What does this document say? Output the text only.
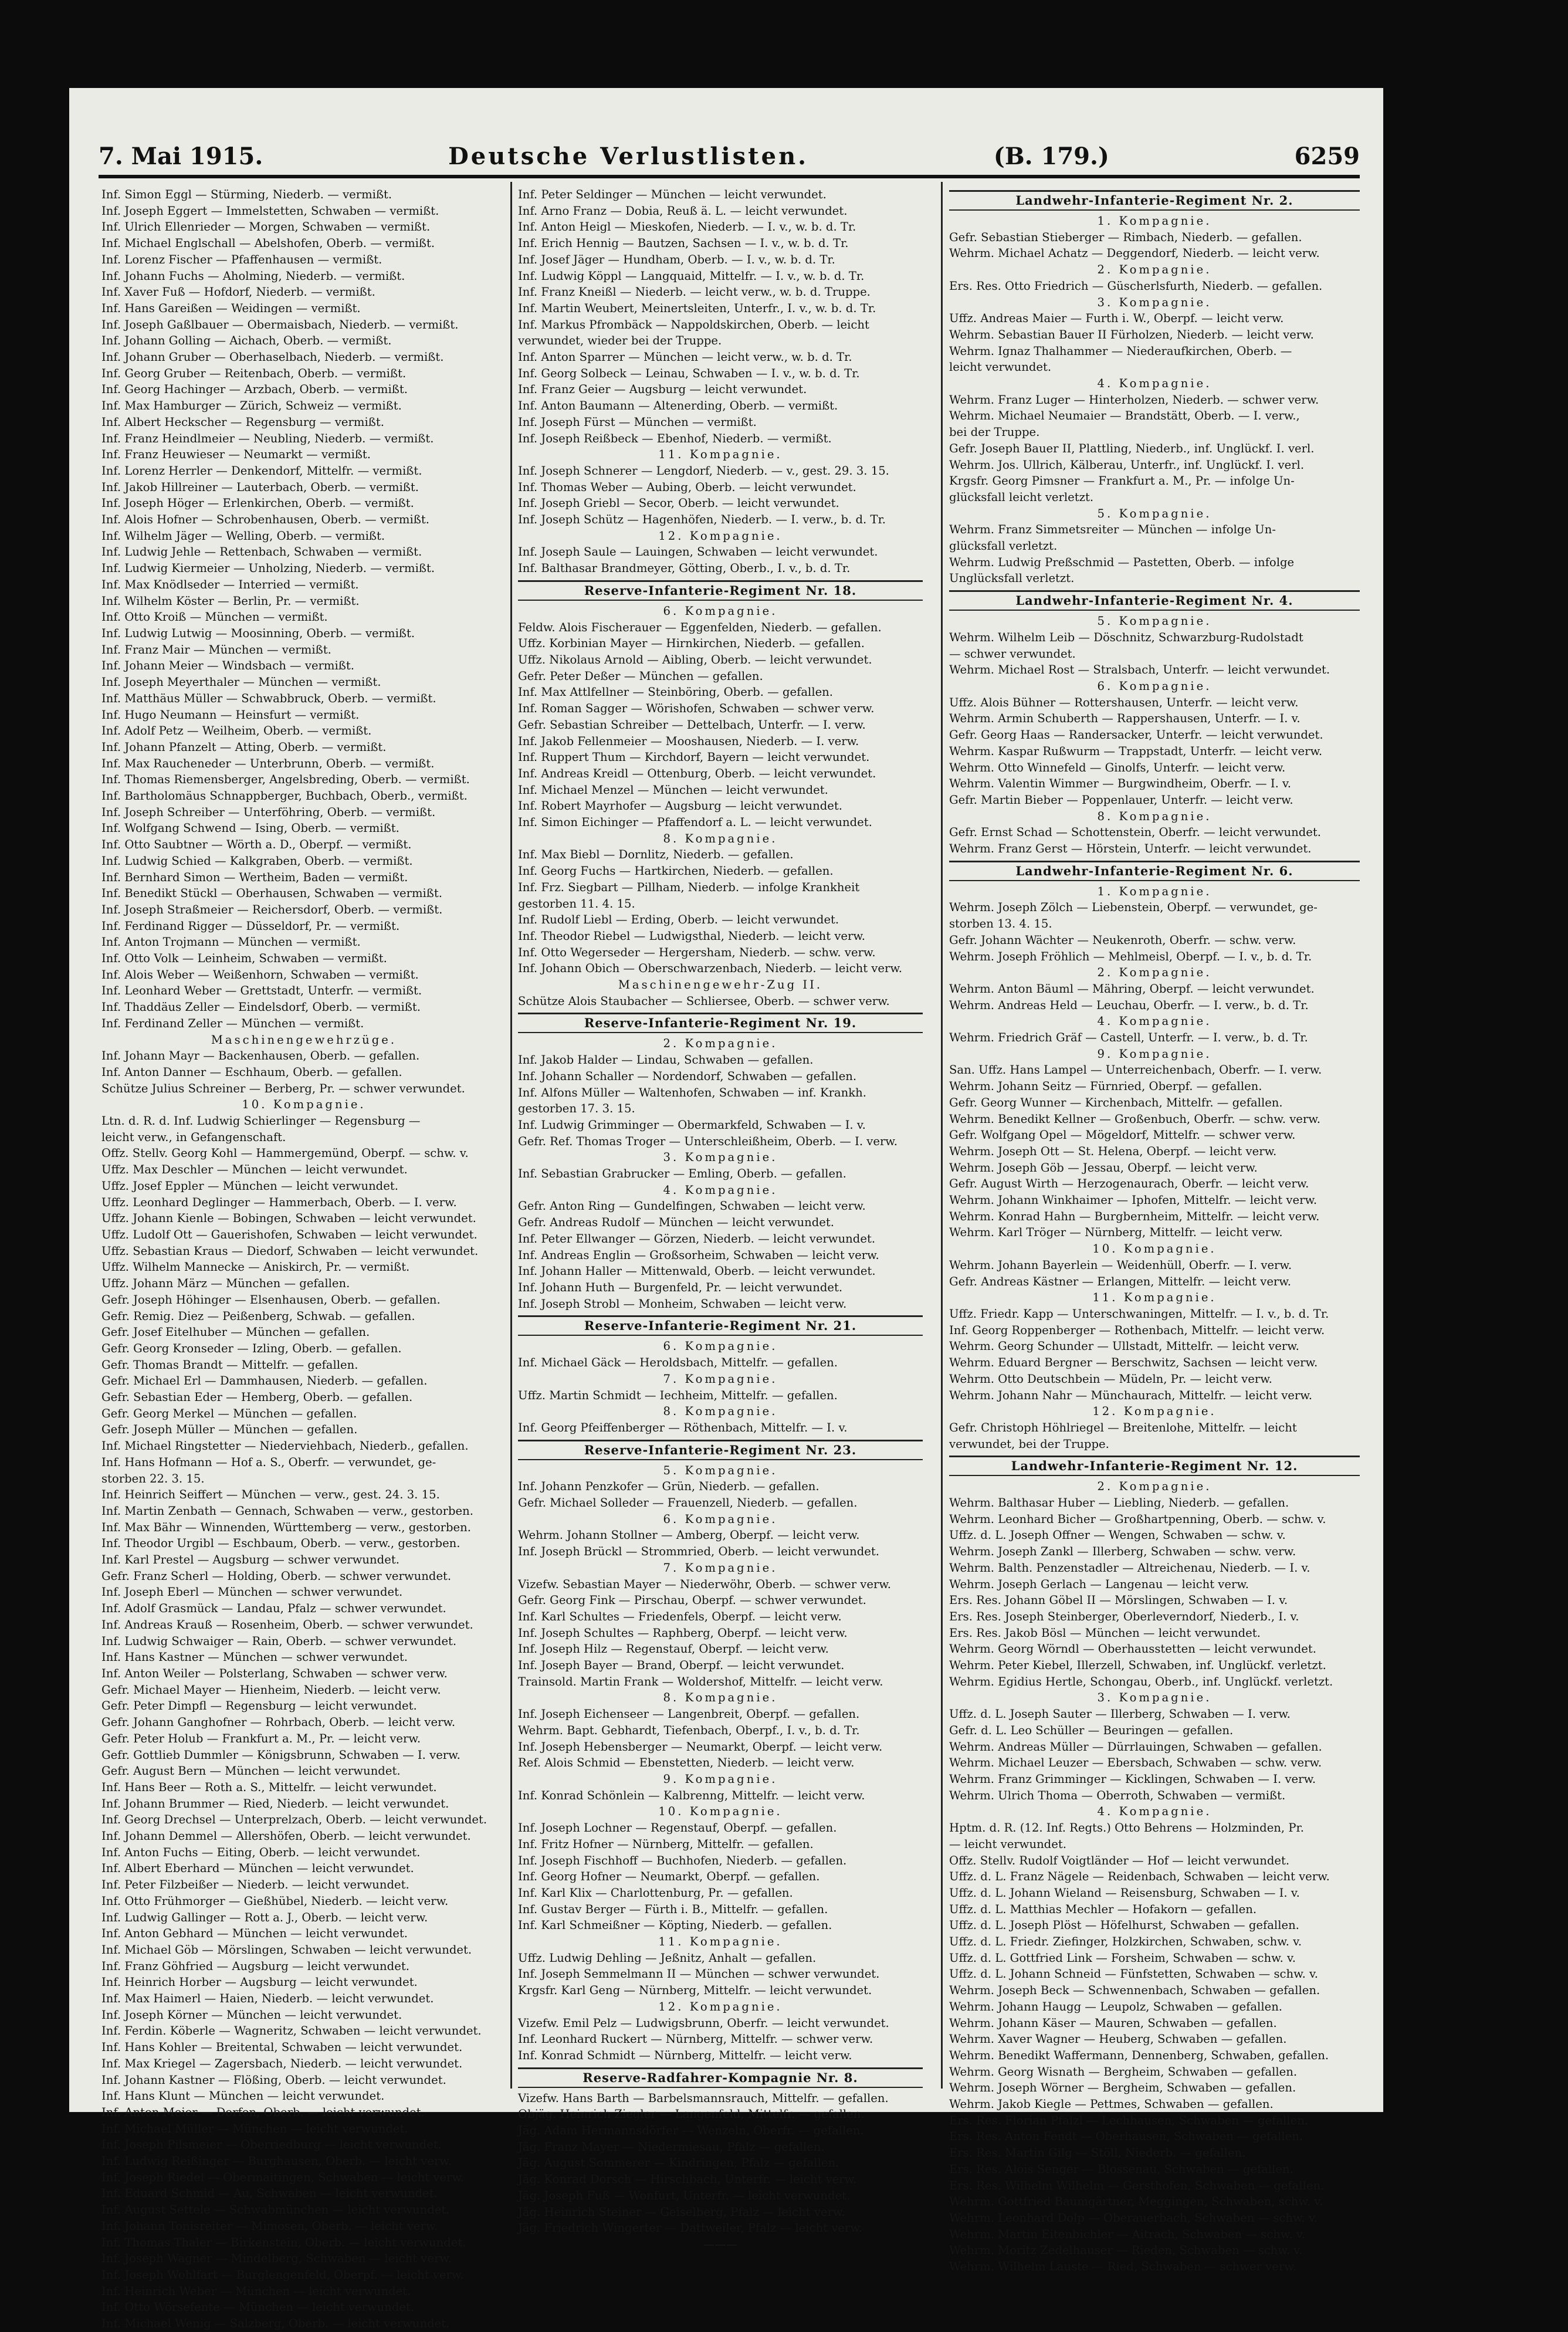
7. Mai 1915.	Deutsche Verlustlisten.	(B. 179.)	6259
Inf. Simon Eggl — Stürming, Niederb. — vermißt.
Inf. Joseph Eggert — Immelstetten, Schwaben — vermißt.
Inf. Ulrich Ellenrieder — Morgen, Schwaben — vermißt.
Inf. Michael Englschall — Abelshofen, Oberb. — vermißt.
Inf. Lorenz Fischer — Pfaffenhausen — vermißt.
Inf. Johann Fuchs — Aholming, Niederb. — vermißt.
Inf. Xaver Fuß — Hofdorf, Niederb. — vermißt.
Inf. Hans Gareißen — Weidingen — vermißt.
Inf. Joseph Gaßlbauer — Obermaisbach, Niederb. — vermißt.
Inf. Johann Golling — Aichach, Oberb. — vermißt.
Inf. Johann Gruber — Oberhaselbach, Niederb. — vermißt.
Inf. Georg Gruber — Reitenbach, Oberb. — vermißt.
Inf. Georg Hachinger — Arzbach, Oberb. — vermißt.
Inf. Max Hamburger — Zürich, Schweiz — vermißt.
Inf. Albert Heckscher — Regensburg — vermißt.
Inf. Franz Heindlmeier — Neubling, Niederb. — vermißt.
Inf. Franz Heuwieser — Neumarkt — vermißt.
Inf. Lorenz Herrler — Denkendorf, Mittelfr. — vermißt.
Inf. Jakob Hillreiner — Lauterbach, Oberb. — vermißt.
Inf. Joseph Höger — Erlenkirchen, Oberb. — vermißt.
Inf. Alois Hofner — Schrobenhausen, Oberb. — vermißt.
Inf. Wilhelm Jäger — Welling, Oberb. — vermißt.
Inf. Ludwig Jehle — Rettenbach, Schwaben — vermißt.
Inf. Ludwig Kiermeier — Unholzing, Niederb. — vermißt.
Inf. Max Knödlseder — Interried — vermißt.
Inf. Wilhelm Köster — Berlin, Pr. — vermißt.
Inf. Otto Kroiß — München — vermißt.
Inf. Ludwig Lutwig — Moosinning, Oberb. — vermißt.
Inf. Franz Mair — München — vermißt.
Inf. Johann Meier — Windsbach — vermißt.
Inf. Joseph Meyerthaler — München — vermißt.
Inf. Matthäus Müller — Schwabbruck, Oberb. — vermißt.
Inf. Hugo Neumann — Heinsfurt — vermißt.
Inf. Adolf Petz — Weilheim, Oberb. — vermißt.
Inf. Johann Pfanzelt — Atting, Oberb. — vermißt.
Inf. Max Raucheneder — Unterbrunn, Oberb. — vermißt.
Inf. Thomas Riemensberger, Angelsbreding, Oberb. — vermißt.
Inf. Bartholomäus Schnappberger, Buchbach, Oberb., vermißt.
Inf. Joseph Schreiber — Unterföhring, Oberb. — vermißt.
Inf. Wolfgang Schwend — Ising, Oberb. — vermißt.
Inf. Otto Saubtner — Wörth a. D., Oberpf. — vermißt.
Inf. Ludwig Schied — Kalkgraben, Oberb. — vermißt.
Inf. Bernhard Simon — Wertheim, Baden — vermißt.
Inf. Benedikt Stückl — Oberhausen, Schwaben — vermißt.
Inf. Joseph Straßmeier — Reichersdorf, Oberb. — vermißt.
Inf. Ferdinand Rigger — Düsseldorf, Pr. — vermißt.
Inf. Anton Trojmann — München — vermißt.
Inf. Otto Volk — Leinheim, Schwaben — vermißt.
Inf. Alois Weber — Weißenhorn, Schwaben — vermißt.
Inf. Leonhard Weber — Grettstadt, Unterfr. — vermißt.
Inf. Thaddäus Zeller — Eindelsdorf, Oberb. — vermißt.
Inf. Ferdinand Zeller — München — vermißt.
Maschinengewehrzüge.
Inf. Johann Mayr — Backenhausen, Oberb. — gefallen.
Inf. Anton Danner — Eschhaum, Oberb. — gefallen.
Schütze Julius Schreiner — Berberg, Pr. — schwer verwundet.
10. Kompagnie.
Ltn. d. R. d. Inf. Ludwig Schierlinger — Regensburg —
leicht verw., in Gefangenschaft.
Offz. Stellv. Georg Kohl — Hammergemünd, Oberpf. — schw. v.
Uffz. Max Deschler — München — leicht verwundet.
Uffz. Josef Eppler — München — leicht verwundet.
Uffz. Leonhard Deglinger — Hammerbach, Oberb. — I. verw.
Uffz. Johann Kienle — Bobingen, Schwaben — leicht verwundet.
Uffz. Ludolf Ott — Gauerishofen, Schwaben — leicht verwundet.
Uffz. Sebastian Kraus — Diedorf, Schwaben — leicht verwundet.
Uffz. Wilhelm Mannecke — Aniskirch, Pr. — vermißt.
Uffz. Johann März — München — gefallen.
Gefr. Joseph Höhinger — Elsenhausen, Oberb. — gefallen.
Gefr. Remig. Diez — Peißenberg, Schwab. — gefallen.
Gefr. Josef Eitelhuber — München — gefallen.
Gefr. Georg Kronseder — Izling, Oberb. — gefallen.
Gefr. Thomas Brandt — Mittelfr. — gefallen.
Gefr. Michael Erl — Dammhausen, Niederb. — gefallen.
Gefr. Sebastian Eder — Hemberg, Oberb. — gefallen.
Gefr. Georg Merkel — München — gefallen.
Gefr. Joseph Müller — München — gefallen.
Inf. Michael Ringstetter — Niederviehbach, Niederb., gefallen.
Inf. Hans Hofmann — Hof a. S., Oberfr. — verwundet, ge-
storben 22. 3. 15.
Inf. Heinrich Seiffert — München — verw., gest. 24. 3. 15.
Inf. Martin Zenbath — Gennach, Schwaben — verw., gestorben.
Inf. Max Bähr — Winnenden, Württemberg — verw., gestorben.
Inf. Theodor Urgibl — Eschbaum, Oberb. — verw., gestorben.
Inf. Karl Prestel — Augsburg — schwer verwundet.
Gefr. Franz Scherl — Holding, Oberb. — schwer verwundet.
Inf. Joseph Eberl — München — schwer verwundet.
Inf. Adolf Grasmück — Landau, Pfalz — schwer verwundet.
Inf. Andreas Krauß — Rosenheim, Oberb. — schwer verwundet.
Inf. Ludwig Schwaiger — Rain, Oberb. — schwer verwundet.
Inf. Hans Kastner — München — schwer verwundet.
Inf. Anton Weiler — Polsterlang, Schwaben — schwer verw.
Gefr. Michael Mayer — Hienheim, Niederb. — leicht verw.
Gefr. Peter Dimpfl — Regensburg — leicht verwundet.
Gefr. Johann Ganghofner — Rohrbach, Oberb. — leicht verw.
Gefr. Peter Holub — Frankfurt a. M., Pr. — leicht verw.
Gefr. Gottlieb Dummler — Königsbrunn, Schwaben — I. verw.
Gefr. August Bern — München — leicht verwundet.
Inf. Hans Beer — Roth a. S., Mittelfr. — leicht verwundet.
Inf. Johann Brummer — Ried, Niederb. — leicht verwundet.
Inf. Georg Drechsel — Unterprelzach, Oberb. — leicht verwundet.
Inf. Johann Demmel — Allershöfen, Oberb. — leicht verwundet.
Inf. Anton Fuchs — Eiting, Oberb. — leicht verwundet.
Inf. Albert Eberhard — München — leicht verwundet.
Inf. Peter Filzbeißer — Niederb. — leicht verwundet.
Inf. Otto Frühmorger — Gießhübel, Niederb. — leicht verw.
Inf. Ludwig Gallinger — Rott a. J., Oberb. — leicht verw.
Inf. Anton Gebhard — München — leicht verwundet.
Inf. Michael Göb — Mörslingen, Schwaben — leicht verwundet.
Inf. Franz Göhfried — Augsburg — leicht verwundet.
Inf. Heinrich Horber — Augsburg — leicht verwundet.
Inf. Max Haimerl — Haien, Niederb. — leicht verwundet.
Inf. Joseph Körner — München — leicht verwundet.
Inf. Ferdin. Köberle — Wagneritz, Schwaben — leicht verwundet.
Inf. Hans Kohler — Breitental, Schwaben — leicht verwundet.
Inf. Max Kriegel — Zagersbach, Niederb. — leicht verwundet.
Inf. Johann Kastner — Flößing, Oberb. — leicht verwundet.
Inf. Hans Klunt — München — leicht verwundet.
Inf. Anton Meier — Dorfen, Oberb. — leicht verwundet.
Inf. Michael Müller — München — leicht verwundet.
Inf. Joseph Pilsmeier — Oberriedburg — leicht verwundet.
Inf. Ludwig Reißinger — Burghausen, Oberb. — leicht verw.
Inf. Joseph Riedel — Obermaitingen, Schwaben — leicht verw.
Inf. Eduard Schmid — Au, Schwaben — leicht verwundet.
Inf. August Settele — Schwabmünchen — leicht verwundet.
Inf. Johann Tonisreiter — Mimosen, Oberb. — leicht verw.
Inf. Thomas Thaler — Birkenstein, Oberb. — leicht verwundet.
Inf. Joseph Wagner — Mindelberg, Schwaben — leicht verw.
Inf. Joseph Wohlfart — Burglengenfeld, Oberpf. — leicht verw.
Inf. Heinrich Weber — München — leicht verwundet.
Inf. Otto Wörsefente — München — leicht verwundet.
Inf. Michael Wenig — Salzberg, Oberb. — leicht verwundet.
Inf. Peter Seldinger — München — leicht verwundet.
Inf. Arno Franz — Dobia, Reuß ä. L. — leicht verwundet.
Inf. Anton Heigl — Mieskofen, Niederb. — I. v., w. b. d. Tr.
Inf. Erich Hennig — Bautzen, Sachsen — I. v., w. b. d. Tr.
Inf. Josef Jäger — Hundham, Oberb. — I. v., w. b. d. Tr.
Inf. Ludwig Köppl — Langquaid, Mittelfr. — I. v., w. b. d. Tr.
Inf. Franz Kneißl — Niederb. — leicht verw., w. b. d. Truppe.
Inf. Martin Weubert, Meinertsleiten, Unterfr., I. v., w. b. d. Tr.
Inf. Markus Pfrombäck — Nappoldskirchen, Oberb. — leicht
verwundet, wieder bei der Truppe.
Inf. Anton Sparrer — München — leicht verw., w. b. d. Tr.
Inf. Georg Solbeck — Leinau, Schwaben — I. v., w. b. d. Tr.
Inf. Franz Geier — Augsburg — leicht verwundet.
Inf. Anton Baumann — Altenerding, Oberb. — vermißt.
Inf. Joseph Fürst — München — vermißt.
Inf. Joseph Reißbeck — Ebenhof, Niederb. — vermißt.
11. Kompagnie.
Inf. Joseph Schnerer — Lengdorf, Niederb. — v., gest. 29. 3. 15.
Inf. Thomas Weber — Aubing, Oberb. — leicht verwundet.
Inf. Joseph Griebl — Secor, Oberb. — leicht verwundet.
Inf. Joseph Schütz — Hagenhöfen, Niederb. — I. verw., b. d. Tr.
12. Kompagnie.
Inf. Joseph Saule — Lauingen, Schwaben — leicht verwundet.
Inf. Balthasar Brandmeyer, Götting, Oberb., I. v., b. d. Tr.
Reserve-Infanterie-Regiment Nr. 18.
6. Kompagnie.
Feldw. Alois Fischerauer — Eggenfelden, Niederb. — gefallen.
Uffz. Korbinian Mayer — Hirnkirchen, Niederb. — gefallen.
Uffz. Nikolaus Arnold — Aibling, Oberb. — leicht verwundet.
Gefr. Peter Deßer — München — gefallen.
Inf. Max Attlfellner — Steinböring, Oberb. — gefallen.
Inf. Roman Sagger — Wörishofen, Schwaben — schwer verw.
Gefr. Sebastian Schreiber — Dettelbach, Unterfr. — I. verw.
Inf. Jakob Fellenmeier — Mooshausen, Niederb. — I. verw.
Inf. Ruppert Thum — Kirchdorf, Bayern — leicht verwundet.
Inf. Andreas Kreidl — Ottenburg, Oberb. — leicht verwundet.
Inf. Michael Menzel — München — leicht verwundet.
Inf. Robert Mayrhofer — Augsburg — leicht verwundet.
Inf. Simon Eichinger — Pfaffendorf a. L. — leicht verwundet.
8. Kompagnie.
Inf. Max Biebl — Dornlitz, Niederb. — gefallen.
Inf. Georg Fuchs — Hartkirchen, Niederb. — gefallen.
Inf. Frz. Siegbart — Pillham, Niederb. — infolge Krankheit
gestorben 11. 4. 15.
Inf. Rudolf Liebl — Erding, Oberb. — leicht verwundet.
Inf. Theodor Riebel — Ludwigsthal, Niederb. — leicht verw.
Inf. Otto Wegerseder — Hergersham, Niederb. — schw. verw.
Inf. Johann Obich — Oberschwarzenbach, Niederb. — leicht verw.
Maschinengewehr-Zug II.
Schütze Alois Staubacher — Schliersee, Oberb. — schwer verw.
Reserve-Infanterie-Regiment Nr. 19.
2. Kompagnie.
Inf. Jakob Halder — Lindau, Schwaben — gefallen.
Inf. Johann Schaller — Nordendorf, Schwaben — gefallen.
Inf. Alfons Müller — Waltenhofen, Schwaben — inf. Krankh.
gestorben 17. 3. 15.
Inf. Ludwig Grimminger — Obermarkfeld, Schwaben — I. v.
Gefr. Ref. Thomas Troger — Unterschleißheim, Oberb. — I. verw.
3. Kompagnie.
Inf. Sebastian Grabrucker — Emling, Oberb. — gefallen.
4. Kompagnie.
Gefr. Anton Ring — Gundelfingen, Schwaben — leicht verw.
Gefr. Andreas Rudolf — München — leicht verwundet.
Inf. Peter Ellwanger — Görzen, Niederb. — leicht verwundet.
Inf. Andreas Englin — Großsorheim, Schwaben — leicht verw.
Inf. Johann Haller — Mittenwald, Oberb. — leicht verwundet.
Inf. Johann Huth — Burgenfeld, Pr. — leicht verwundet.
Inf. Joseph Strobl — Monheim, Schwaben — leicht verw.
Reserve-Infanterie-Regiment Nr. 21.
6. Kompagnie.
Inf. Michael Gäck — Heroldsbach, Mittelfr. — gefallen.
7. Kompagnie.
Uffz. Martin Schmidt — Iechheim, Mittelfr. — gefallen.
8. Kompagnie.
Inf. Georg Pfeiffenberger — Röthenbach, Mittelfr. — I. v.
Reserve-Infanterie-Regiment Nr. 23.
5. Kompagnie.
Inf. Johann Penzkofer — Grün, Niederb. — gefallen.
Gefr. Michael Solleder — Frauenzell, Niederb. — gefallen.
6. Kompagnie.
Wehrm. Johann Stollner — Amberg, Oberpf. — leicht verw.
Inf. Joseph Brückl — Strommried, Oberb. — leicht verwundet.
7. Kompagnie.
Vizefw. Sebastian Mayer — Niederwöhr, Oberb. — schwer verw.
Gefr. Georg Fink — Pirschau, Oberpf. — schwer verwundet.
Inf. Karl Schultes — Friedenfels, Oberpf. — leicht verw.
Inf. Joseph Schultes — Raphberg, Oberpf. — leicht verw.
Inf. Joseph Hilz — Regenstauf, Oberpf. — leicht verw.
Inf. Joseph Bayer — Brand, Oberpf. — leicht verwundet.
Trainsold. Martin Frank — Woldershof, Mittelfr. — leicht verw.
8. Kompagnie.
Inf. Joseph Eichenseer — Langenbreit, Oberpf. — gefallen.
Wehrm. Bapt. Gebhardt, Tiefenbach, Oberpf., I. v., b. d. Tr.
Inf. Joseph Hebensberger — Neumarkt, Oberpf. — leicht verw.
Ref. Alois Schmid — Ebenstetten, Niederb. — leicht verw.
9. Kompagnie.
Inf. Konrad Schönlein — Kalbrenng, Mittelfr. — leicht verw.
10. Kompagnie.
Inf. Joseph Lochner — Regenstauf, Oberpf. — gefallen.
Inf. Fritz Hofner — Nürnberg, Mittelfr. — gefallen.
Inf. Joseph Fischhoff — Buchhofen, Niederb. — gefallen.
Inf. Georg Hofner — Neumarkt, Oberpf. — gefallen.
Inf. Karl Klix — Charlottenburg, Pr. — gefallen.
Inf. Gustav Berger — Fürth i. B., Mittelfr. — gefallen.
Inf. Karl Schmeißner — Köpting, Niederb. — gefallen.
11. Kompagnie.
Uffz. Ludwig Dehling — Jeßnitz, Anhalt — gefallen.
Inf. Joseph Semmelmann II — München — schwer verwundet.
Krgsfr. Karl Geng — Nürnberg, Mittelfr. — leicht verwundet.
12. Kompagnie.
Vizefw. Emil Pelz — Ludwigsbrunn, Oberfr. — leicht verwundet.
Inf. Leonhard Ruckert — Nürnberg, Mittelfr. — schwer verw.
Inf. Konrad Schmidt — Nürnberg, Mittelfr. — leicht verw.
Reserve-Radfahrer-Kompagnie Nr. 8.
Vizefw. Hans Barth — Barbelsmannsrauch, Mittelfr. — gefallen.
Objäg. Heinrich Ziegler — Langenfeld, Mittelfr. — gefallen.
Jäg. Adam Hermannsdörfer — Wenzeln, Oberfr. — gefallen.
Jäg. Franz Mayer — Niedermiesau, Pfalz — gefallen.
Jäg. August Sommerer — Kindringen, Pfalz — gefallen.
Jäg. Konrad Dorsch — Hirschbach, Unterfr. — leicht verw.
Jäg. Joseph Fuß — Wonfurt, Unterfr. — leicht verwundet.
Jäg. Heinrich Steiner — Geiselberg, Pfalz — leicht verw.
Jäg. Friedrich Wingerter — Dattweiler, Pfalz — leicht verw.
———
Landwehr-Infanterie-Regiment Nr. 2.
1. Kompagnie.
Gefr. Sebastian Stieberger — Rimbach, Niederb. — gefallen.
Wehrm. Michael Achatz — Deggendorf, Niederb. — leicht verw.
2. Kompagnie.
Ers. Res. Otto Friedrich — Güscherlsfurth, Niederb. — gefallen.
3. Kompagnie.
Uffz. Andreas Maier — Furth i. W., Oberpf. — leicht verw.
Wehrm. Sebastian Bauer II Fürholzen, Niederb. — leicht verw.
Wehrm. Ignaz Thalhammer — Niederaufkirchen, Oberb. —
leicht verwundet.
4. Kompagnie.
Wehrm. Franz Luger — Hinterholzen, Niederb. — schwer verw.
Wehrm. Michael Neumaier — Brandstätt, Oberb. — I. verw.,
bei der Truppe.
Gefr. Joseph Bauer II, Plattling, Niederb., inf. Unglückf. I. verl.
Wehrm. Jos. Ullrich, Kälberau, Unterfr., inf. Unglückf. I. verl.
Krgsfr. Georg Pimsner — Frankfurt a. M., Pr. — infolge Un-
glücksfall leicht verletzt.
5. Kompagnie.
Wehrm. Franz Simmetsreiter — München — infolge Un-
glücksfall verletzt.
Wehrm. Ludwig Preßschmid — Pastetten, Oberb. — infolge
Unglücksfall verletzt.
Landwehr-Infanterie-Regiment Nr. 4.
5. Kompagnie.
Wehrm. Wilhelm Leib — Döschnitz, Schwarzburg-Rudolstadt
— schwer verwundet.
Wehrm. Michael Rost — Stralsbach, Unterfr. — leicht verwundet.
6. Kompagnie.
Uffz. Alois Bühner — Rottershausen, Unterfr. — leicht verw.
Wehrm. Armin Schuberth — Rappershausen, Unterfr. — I. v.
Gefr. Georg Haas — Randersacker, Unterfr. — leicht verwundet.
Wehrm. Kaspar Rußwurm — Trappstadt, Unterfr. — leicht verw.
Wehrm. Otto Winnefeld — Ginolfs, Unterfr. — leicht verw.
Wehrm. Valentin Wimmer — Burgwindheim, Oberfr. — I. v.
Gefr. Martin Bieber — Poppenlauer, Unterfr. — leicht verw.
8. Kompagnie.
Gefr. Ernst Schad — Schottenstein, Oberfr. — leicht verwundet.
Wehrm. Franz Gerst — Hörstein, Unterfr. — leicht verwundet.
Landwehr-Infanterie-Regiment Nr. 6.
1. Kompagnie.
Wehrm. Joseph Zölch — Liebenstein, Oberpf. — verwundet, ge-
storben 13. 4. 15.
Gefr. Johann Wächter — Neukenroth, Oberfr. — schw. verw.
Wehrm. Joseph Fröhlich — Mehlmeisl, Oberpf. — I. v., b. d. Tr.
2. Kompagnie.
Wehrm. Anton Bäuml — Mähring, Oberpf. — leicht verwundet.
Wehrm. Andreas Held — Leuchau, Oberfr. — I. verw., b. d. Tr.
4. Kompagnie.
Wehrm. Friedrich Gräf — Castell, Unterfr. — I. verw., b. d. Tr.
9. Kompagnie.
San. Uffz. Hans Lampel — Unterreichenbach, Oberfr. — I. verw.
Wehrm. Johann Seitz — Fürnried, Oberpf. — gefallen.
Gefr. Georg Wunner — Kirchenbach, Mittelfr. — gefallen.
Wehrm. Benedikt Kellner — Großenbuch, Oberfr. — schw. verw.
Gefr. Wolfgang Opel — Mögeldorf, Mittelfr. — schwer verw.
Wehrm. Joseph Ott — St. Helena, Oberpf. — leicht verw.
Wehrm. Joseph Göb — Jessau, Oberpf. — leicht verw.
Gefr. August Wirth — Herzogenaurach, Oberfr. — leicht verw.
Wehrm. Johann Winkhaimer — Iphofen, Mittelfr. — leicht verw.
Wehrm. Konrad Hahn — Burgbernheim, Mittelfr. — leicht verw.
Wehrm. Karl Tröger — Nürnberg, Mittelfr. — leicht verw.
10. Kompagnie.
Wehrm. Johann Bayerlein — Weidenhüll, Oberfr. — I. verw.
Gefr. Andreas Kästner — Erlangen, Mittelfr. — leicht verw.
11. Kompagnie.
Uffz. Friedr. Kapp — Unterschwaningen, Mittelfr. — I. v., b. d. Tr.
Inf. Georg Roppenberger — Rothenbach, Mittelfr. — leicht verw.
Wehrm. Georg Schunder — Ullstadt, Mittelfr. — leicht verw.
Wehrm. Eduard Bergner — Berschwitz, Sachsen — leicht verw.
Wehrm. Otto Deutschbein — Müdeln, Pr. — leicht verw.
Wehrm. Johann Nahr — Münchaurach, Mittelfr. — leicht verw.
12. Kompagnie.
Gefr. Christoph Höhlriegel — Breitenlohe, Mittelfr. — leicht
verwundet, bei der Truppe.
Landwehr-Infanterie-Regiment Nr. 12.
2. Kompagnie.
Wehrm. Balthasar Huber — Liebling, Niederb. — gefallen.
Wehrm. Leonhard Bicher — Großhartpenning, Oberb. — schw. v.
Uffz. d. L. Joseph Offner — Wengen, Schwaben — schw. v.
Wehrm. Joseph Zankl — Illerberg, Schwaben — schw. verw.
Wehrm. Balth. Penzenstadler — Altreichenau, Niederb. — I. v.
Wehrm. Joseph Gerlach — Langenau — leicht verw.
Ers. Res. Johann Göbel II — Mörslingen, Schwaben — I. v.
Ers. Res. Joseph Steinberger, Oberleverndorf, Niederb., I. v.
Ers. Res. Jakob Bösl — München — leicht verwundet.
Wehrm. Georg Wörndl — Oberhausstetten — leicht verwundet.
Wehrm. Peter Kiebel, Illerzell, Schwaben, inf. Unglückf. verletzt.
Wehrm. Egidius Hertle, Schongau, Oberb., inf. Unglückf. verletzt.
3. Kompagnie.
Uffz. d. L. Joseph Sauter — Illerberg, Schwaben — I. verw.
Gefr. d. L. Leo Schüller — Beuringen — gefallen.
Wehrm. Andreas Müller — Dürrlauingen, Schwaben — gefallen.
Wehrm. Michael Leuzer — Ebersbach, Schwaben — schw. verw.
Wehrm. Franz Grimminger — Kicklingen, Schwaben — I. verw.
Wehrm. Ulrich Thoma — Oberroth, Schwaben — vermißt.
4. Kompagnie.
Hptm. d. R. (12. Inf. Regts.) Otto Behrens — Holzminden, Pr.
— leicht verwundet.
Offz. Stellv. Rudolf Voigtländer — Hof — leicht verwundet.
Uffz. d. L. Franz Nägele — Reidenbach, Schwaben — leicht verw.
Uffz. d. L. Johann Wieland — Reisensburg, Schwaben — I. v.
Uffz. d. L. Matthias Mechler — Hofakorn — gefallen.
Uffz. d. L. Joseph Plöst — Höfelhurst, Schwaben — gefallen.
Uffz. d. L. Friedr. Ziefinger, Holzkirchen, Schwaben, schw. v.
Uffz. d. L. Gottfried Link — Forsheim, Schwaben — schw. v.
Uffz. d. L. Johann Schneid — Fünfstetten, Schwaben — schw. v.
Wehrm. Joseph Beck — Schwennenbach, Schwaben — gefallen.
Wehrm. Johann Haugg — Leupolz, Schwaben — gefallen.
Wehrm. Johann Käser — Mauren, Schwaben — gefallen.
Wehrm. Xaver Wagner — Heuberg, Schwaben — gefallen.
Wehrm. Benedikt Waffermann, Dennenberg, Schwaben, gefallen.
Wehrm. Georg Wisnath — Bergheim, Schwaben — gefallen.
Wehrm. Joseph Wörner — Bergheim, Schwaben — gefallen.
Wehrm. Jakob Kiegle — Pettmes, Schwaben — gefallen.
Ers. Res. Florian Pfalzl — Lechhausen, Schwaben — gefallen.
Ers. Res. Anton Fendt — Oberhausen, Schwaben — gefallen.
Ers. Res. Martin Gilg — Stöll, Niederb. — gefallen.
Ers. Res. Alois Senger — Blossenau, Schwaben — gefallen.
Ers. Res. Wilhelm Wilhelm — Gersthofen, Schwaben — gefallen.
Wehrm. Gottfried Baumgärtner, Meggingen, Schwaben, schw. v.
Wehrm. Leonhard Dolp — Oberauerbach, Schwaben — schw. v.
Wehrm. Martin Eitenbichler — Aitrach, Schwaben — schw. v.
Wehrm. Moritz Zedelhauser — Rieden, Schwaben — schw. v.
Wehrm. Wilhelm Lauste — Ried, Schwaben — schwer verw.
